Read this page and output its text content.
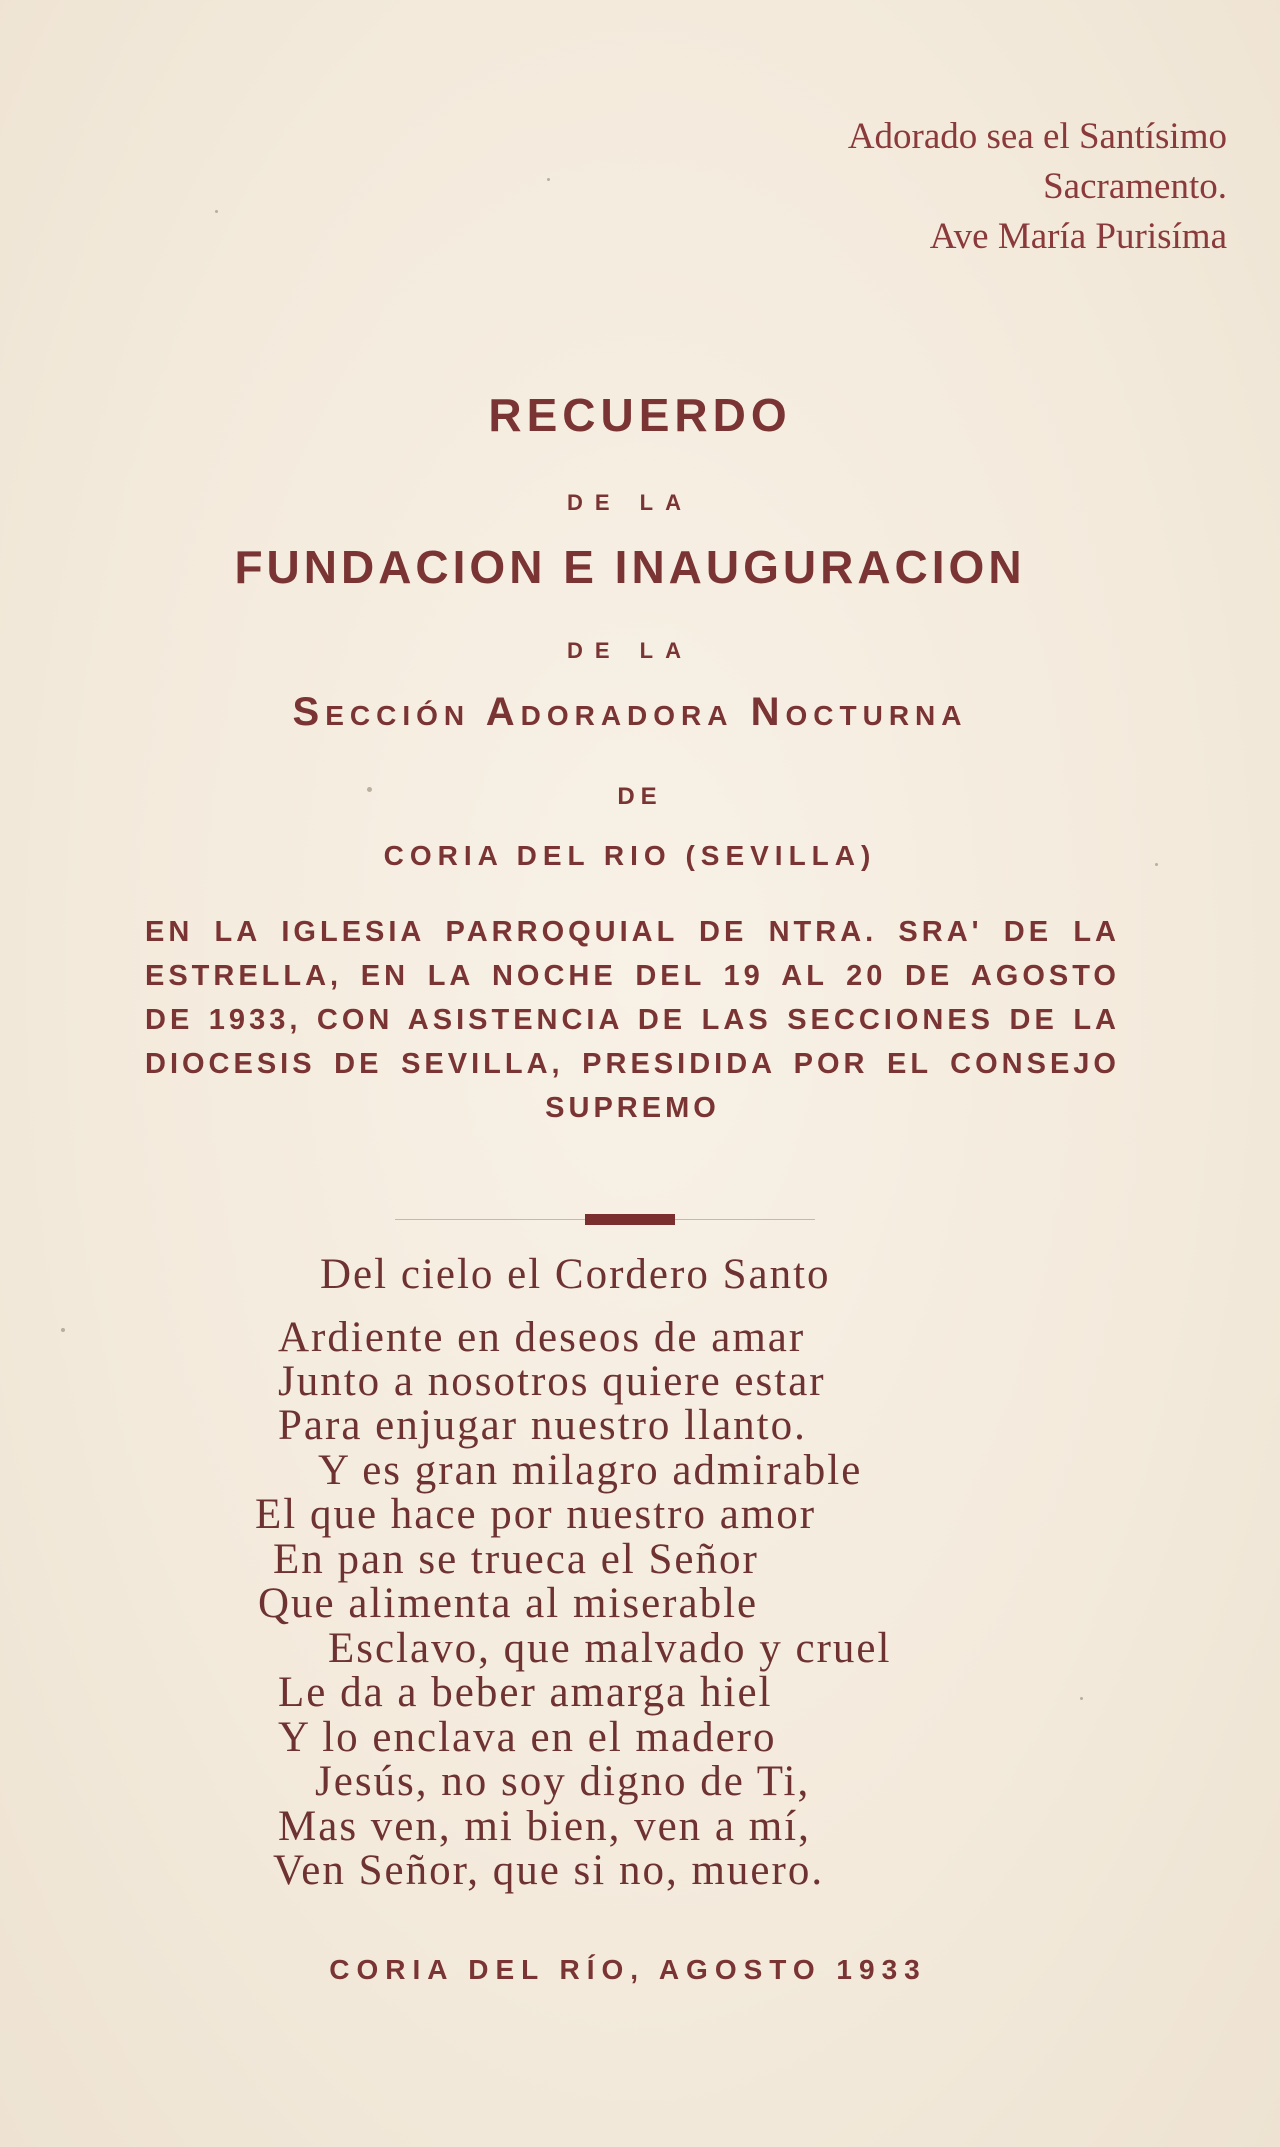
Adorado sea el Santísimo
Sacramento.
Ave María Purisíma
RECUERDO
DE LA
FUNDACION E INAUGURACION
DE LA
Sección Adoradora Nocturna
DE
CORIA DEL RIO (SEVILLA)
EN LA IGLESIA PARROQUIAL DE NTRA. SRA' DE LA ESTRELLA, EN LA NOCHE DEL 19 AL 20 DE AGOSTO DE 1933, CON ASISTENCIA DE LAS SECCIONES DE LA DIOCESIS DE SEVILLA, PRESIDIDA POR EL CONSEJO SUPREMO
Del cielo el Cordero Santo
Ardiente en deseos de amar
Junto a nosotros quiere estar
Para enjugar nuestro llanto.
Y es gran milagro admirable
El que hace por nuestro amor
En pan se trueca el Señor
Que alimenta al miserable
Esclavo, que malvado y cruel
Le da a beber amarga hiel
Y lo enclava en el madero
Jesús, no soy digno de Ti,
Mas ven, mi bien, ven a mí,
Ven Señor, que si no, muero.
CORIA DEL RÍO, AGOSTO 1933
